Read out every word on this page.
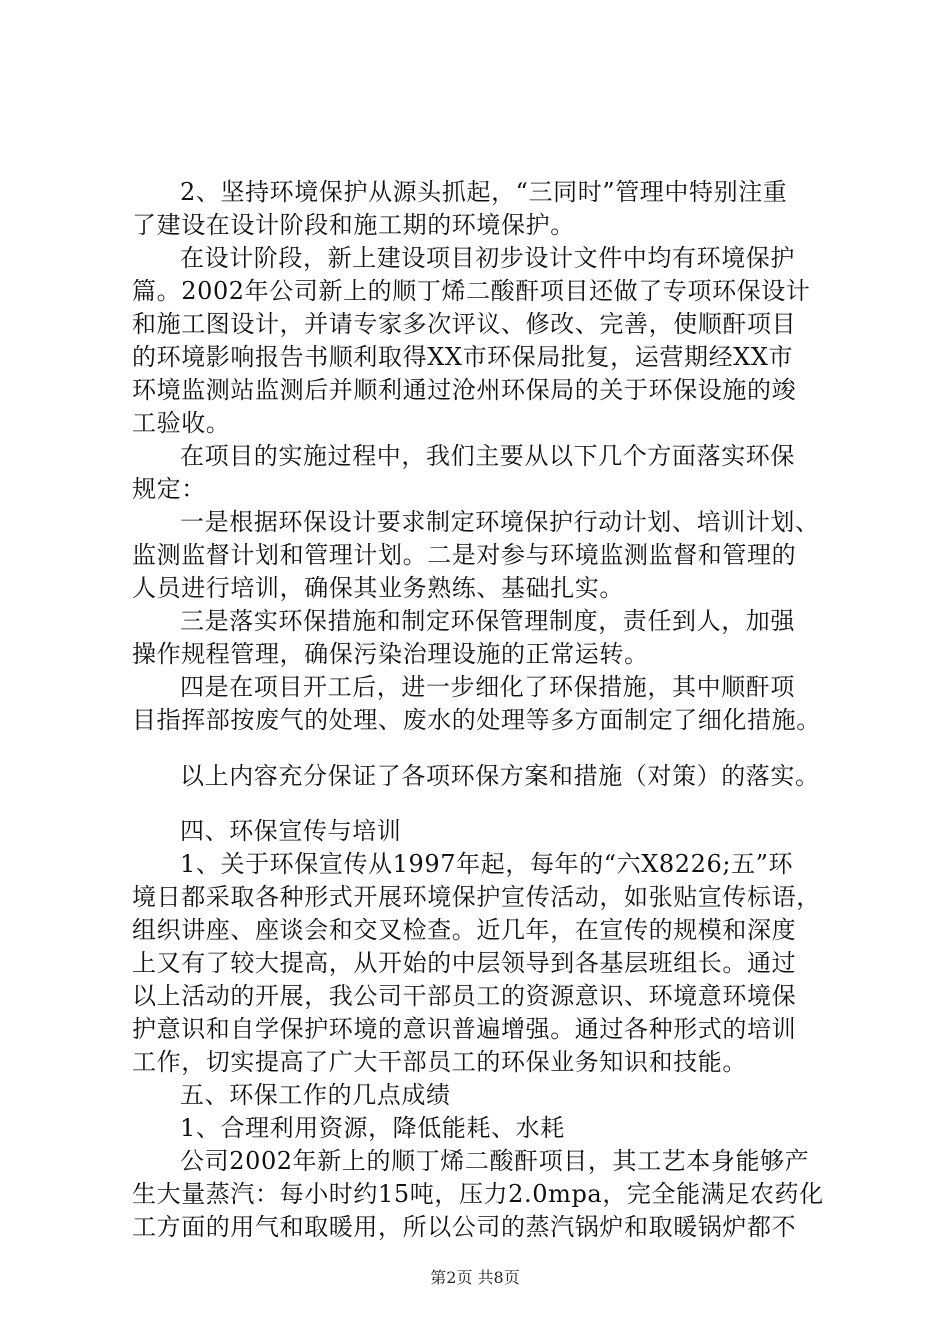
2、坚持环境保护从源头抓起，“三同时”管理中特别注重
了建设在设计阶段和施工期的环境保护。
在设计阶段，新上建设项目初步设计文件中均有环境保护
篇。2002年公司新上的顺丁烯二酸酐项目还做了专项环保设计
和施工图设计，并请专家多次评议、修改、完善，使顺酐项目
的环境影响报告书顺利取得XX市环保局批复，运营期经XX市
环境监测站监测后并顺利通过沧州环保局的关于环保设施的竣
工验收。
在项目的实施过程中，我们主要从以下几个方面落实环保
规定：
一是根据环保设计要求制定环境保护行动计划、培训计划、
监测监督计划和管理计划。二是对参与环境监测监督和管理的
人员进行培训，确保其业务熟练、基础扎实。
三是落实环保措施和制定环保管理制度，责任到人，加强
操作规程管理，确保污染治理设施的正常运转。
四是在项目开工后，进一步细化了环保措施，其中顺酐项
目指挥部按废气的处理、废水的处理等多方面制定了细化措施。
以上内容充分保证了各项环保方案和措施（对策）的落实。
四、环保宣传与培训
1、关于环保宣传从1997年起，每年的“六X8226;五”环
境日都采取各种形式开展环境保护宣传活动，如张贴宣传标语，
组织讲座、座谈会和交叉检查。近几年，在宣传的规模和深度
上又有了较大提高，从开始的中层领导到各基层班组长。通过
以上活动的开展，我公司干部员工的资源意识、环境意环境保
护意识和自学保护环境的意识普遍增强。通过各种形式的培训
工作，切实提高了广大干部员工的环保业务知识和技能。
五、环保工作的几点成绩
1、合理利用资源，降低能耗、水耗
公司2002年新上的顺丁烯二酸酐项目，其工艺本身能够产
生大量蒸汽：每小时约15吨，压力2.0mpa，完全能满足农药化
工方面的用气和取暖用，所以公司的蒸汽锅炉和取暖锅炉都不
第2页 共8页
